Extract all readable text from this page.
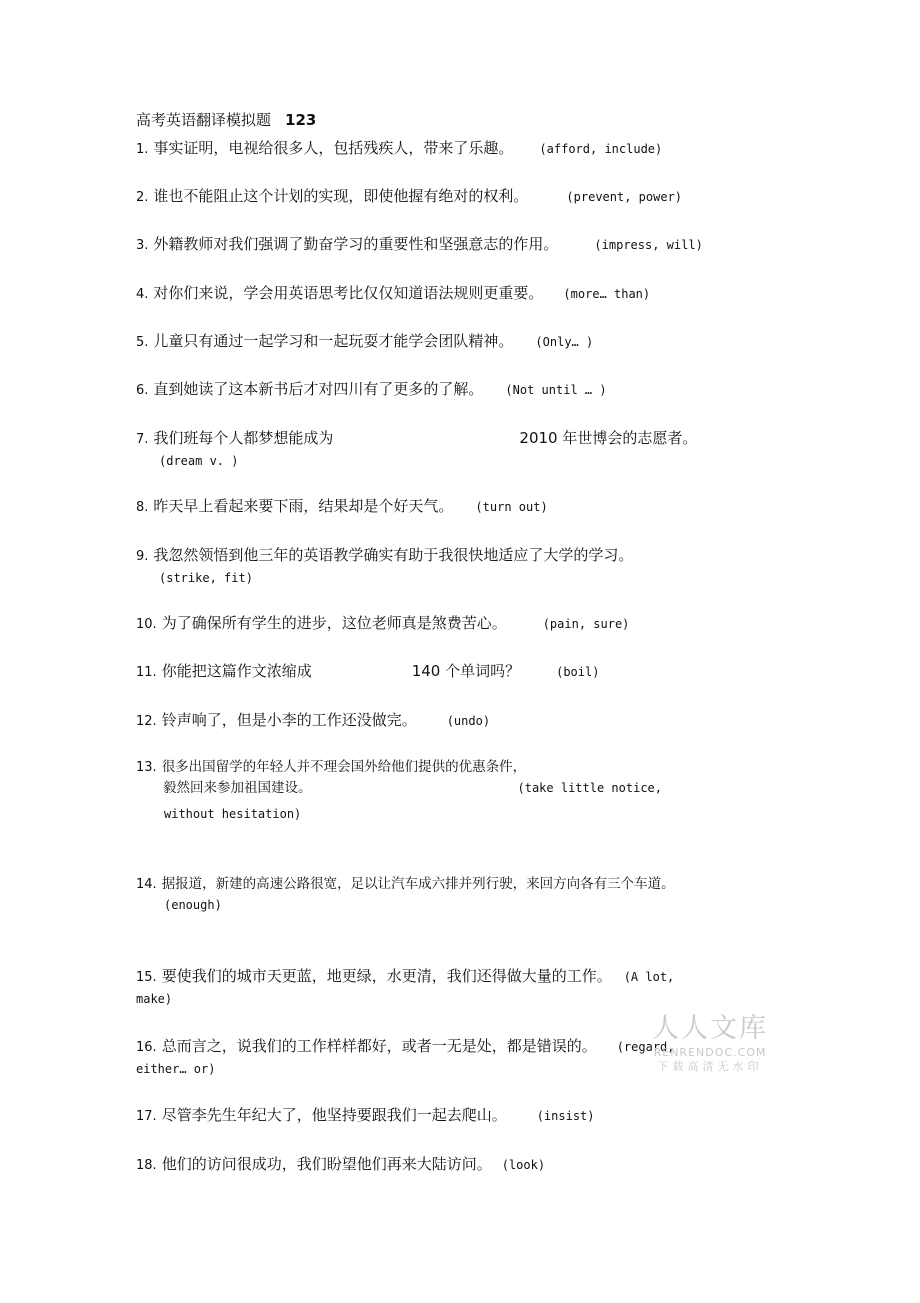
高考英语翻译模拟题 123
1. 事实证明，电视给很多人，包括残疾人，带来了乐趣。 (afford, include)
2. 谁也不能阻止这个计划的实现，即使他握有绝对的权利。	(prevent, power)
3. 外籍教师对我们强调了勤奋学习的重要性和坚强意志的作用。	(impress, will)
4. 对你们来说，学会用英语思考比仅仅知道语法规则更重要。 (more… than)
5. 儿童只有通过一起学习和一起玩耍才能学会团队精神。 (Only… )
6. 直到她读了这本新书后才对四川有了更多的了解。 (Not until … )
7. 我们班每个人都梦想能成为	2010 年世博会的志愿者。
(dream v. )
8. 昨天早上看起来要下雨，结果却是个好天气。 (turn out)
9. 我忽然领悟到他三年的英语教学确实有助于我很快地适应了大学的学习。
(strike, fit)
10. 为了确保所有学生的进步，这位老师真是煞费苦心。	(pain, sure)
11. 你能把这篇作文浓缩成	140 个单词吗？	(boil)
12. 铃声响了，但是小李的工作还没做完。	(undo)
13. 很多出国留学的年轻人并不理会国外给他们提供的优惠条件，
毅然回来参加祖国建设。	(take little notice,
without hesitation)
14. 据报道，新建的高速公路很宽，足以让汽车成六排并列行驶，来回方向各有三个车道。
(enough)
15. 要使我们的城市天更蓝，地更绿，水更清，我们还得做大量的工作。 (A lot,
make)
16. 总而言之，说我们的工作样样都好，或者一无是处，都是错误的。 (regard,
either… or)
17. 尽管李先生年纪大了，他坚持要跟我们一起去爬山。	(insist)
18. 他们的访问很成功，我们盼望他们再来大陆访问。 (look)
人人文库
RENRENDOC.COM
下载高清无水印
